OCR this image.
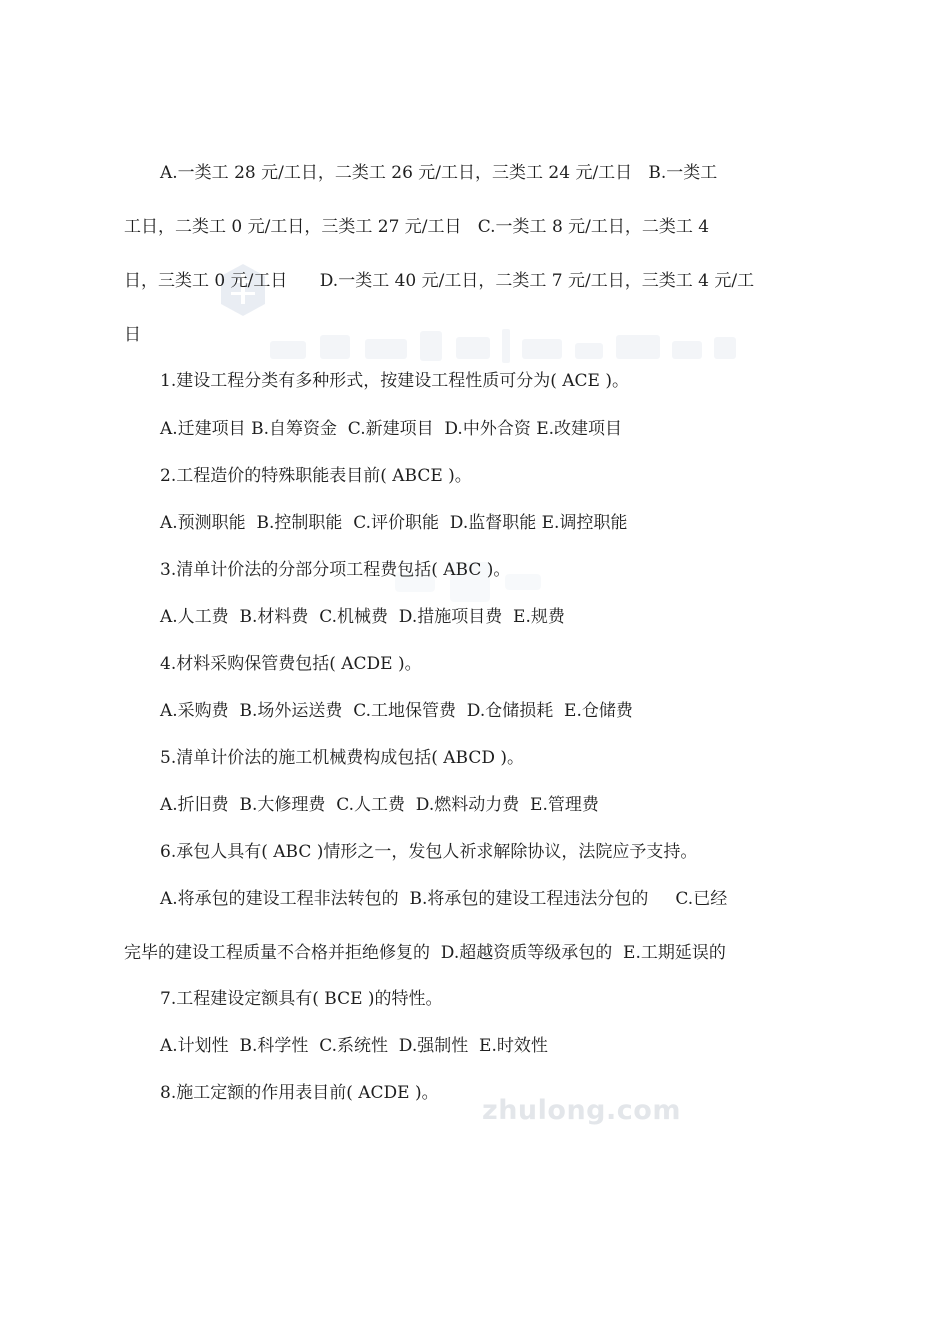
zhulong.com
A.一类工 28 元/工日，二类工 26 元/工日，三类工 24 元/工日   B.一类工
工日，二类工 0 元/工日，三类工 27 元/工日   C.一类工 8 元/工日，二类工 4
日，三类工 0 元/工日      D.一类工 40 元/工日，二类工 7 元/工日，三类工 4 元/工
日
1.建设工程分类有多种形式，按建设工程性质可分为( ACE )。
A.迁建项目 B.自筹资金  C.新建项目  D.中外合资 E.改建项目
2.工程造价的特殊职能表目前( ABCE )。
A.预测职能  B.控制职能  C.评价职能  D.监督职能 E.调控职能
3.清单计价法的分部分项工程费包括( ABC )。
A.人工费  B.材料费  C.机械费  D.措施项目费  E.规费
4.材料采购保管费包括( ACDE )。
A.采购费  B.场外运送费  C.工地保管费  D.仓储损耗  E.仓储费
5.清单计价法的施工机械费构成包括( ABCD )。
A.折旧费  B.大修理费  C.人工费  D.燃料动力费  E.管理费
6.承包人具有( ABC )情形之一，发包人祈求解除协议，法院应予支持。
A.将承包的建设工程非法转包的  B.将承包的建设工程违法分包的     C.已经
完毕的建设工程质量不合格并拒绝修复的  D.超越资质等级承包的  E.工期延误的
7.工程建设定额具有( BCE )的特性。
A.计划性  B.科学性  C.系统性  D.强制性  E.时效性
8.施工定额的作用表目前( ACDE )。
